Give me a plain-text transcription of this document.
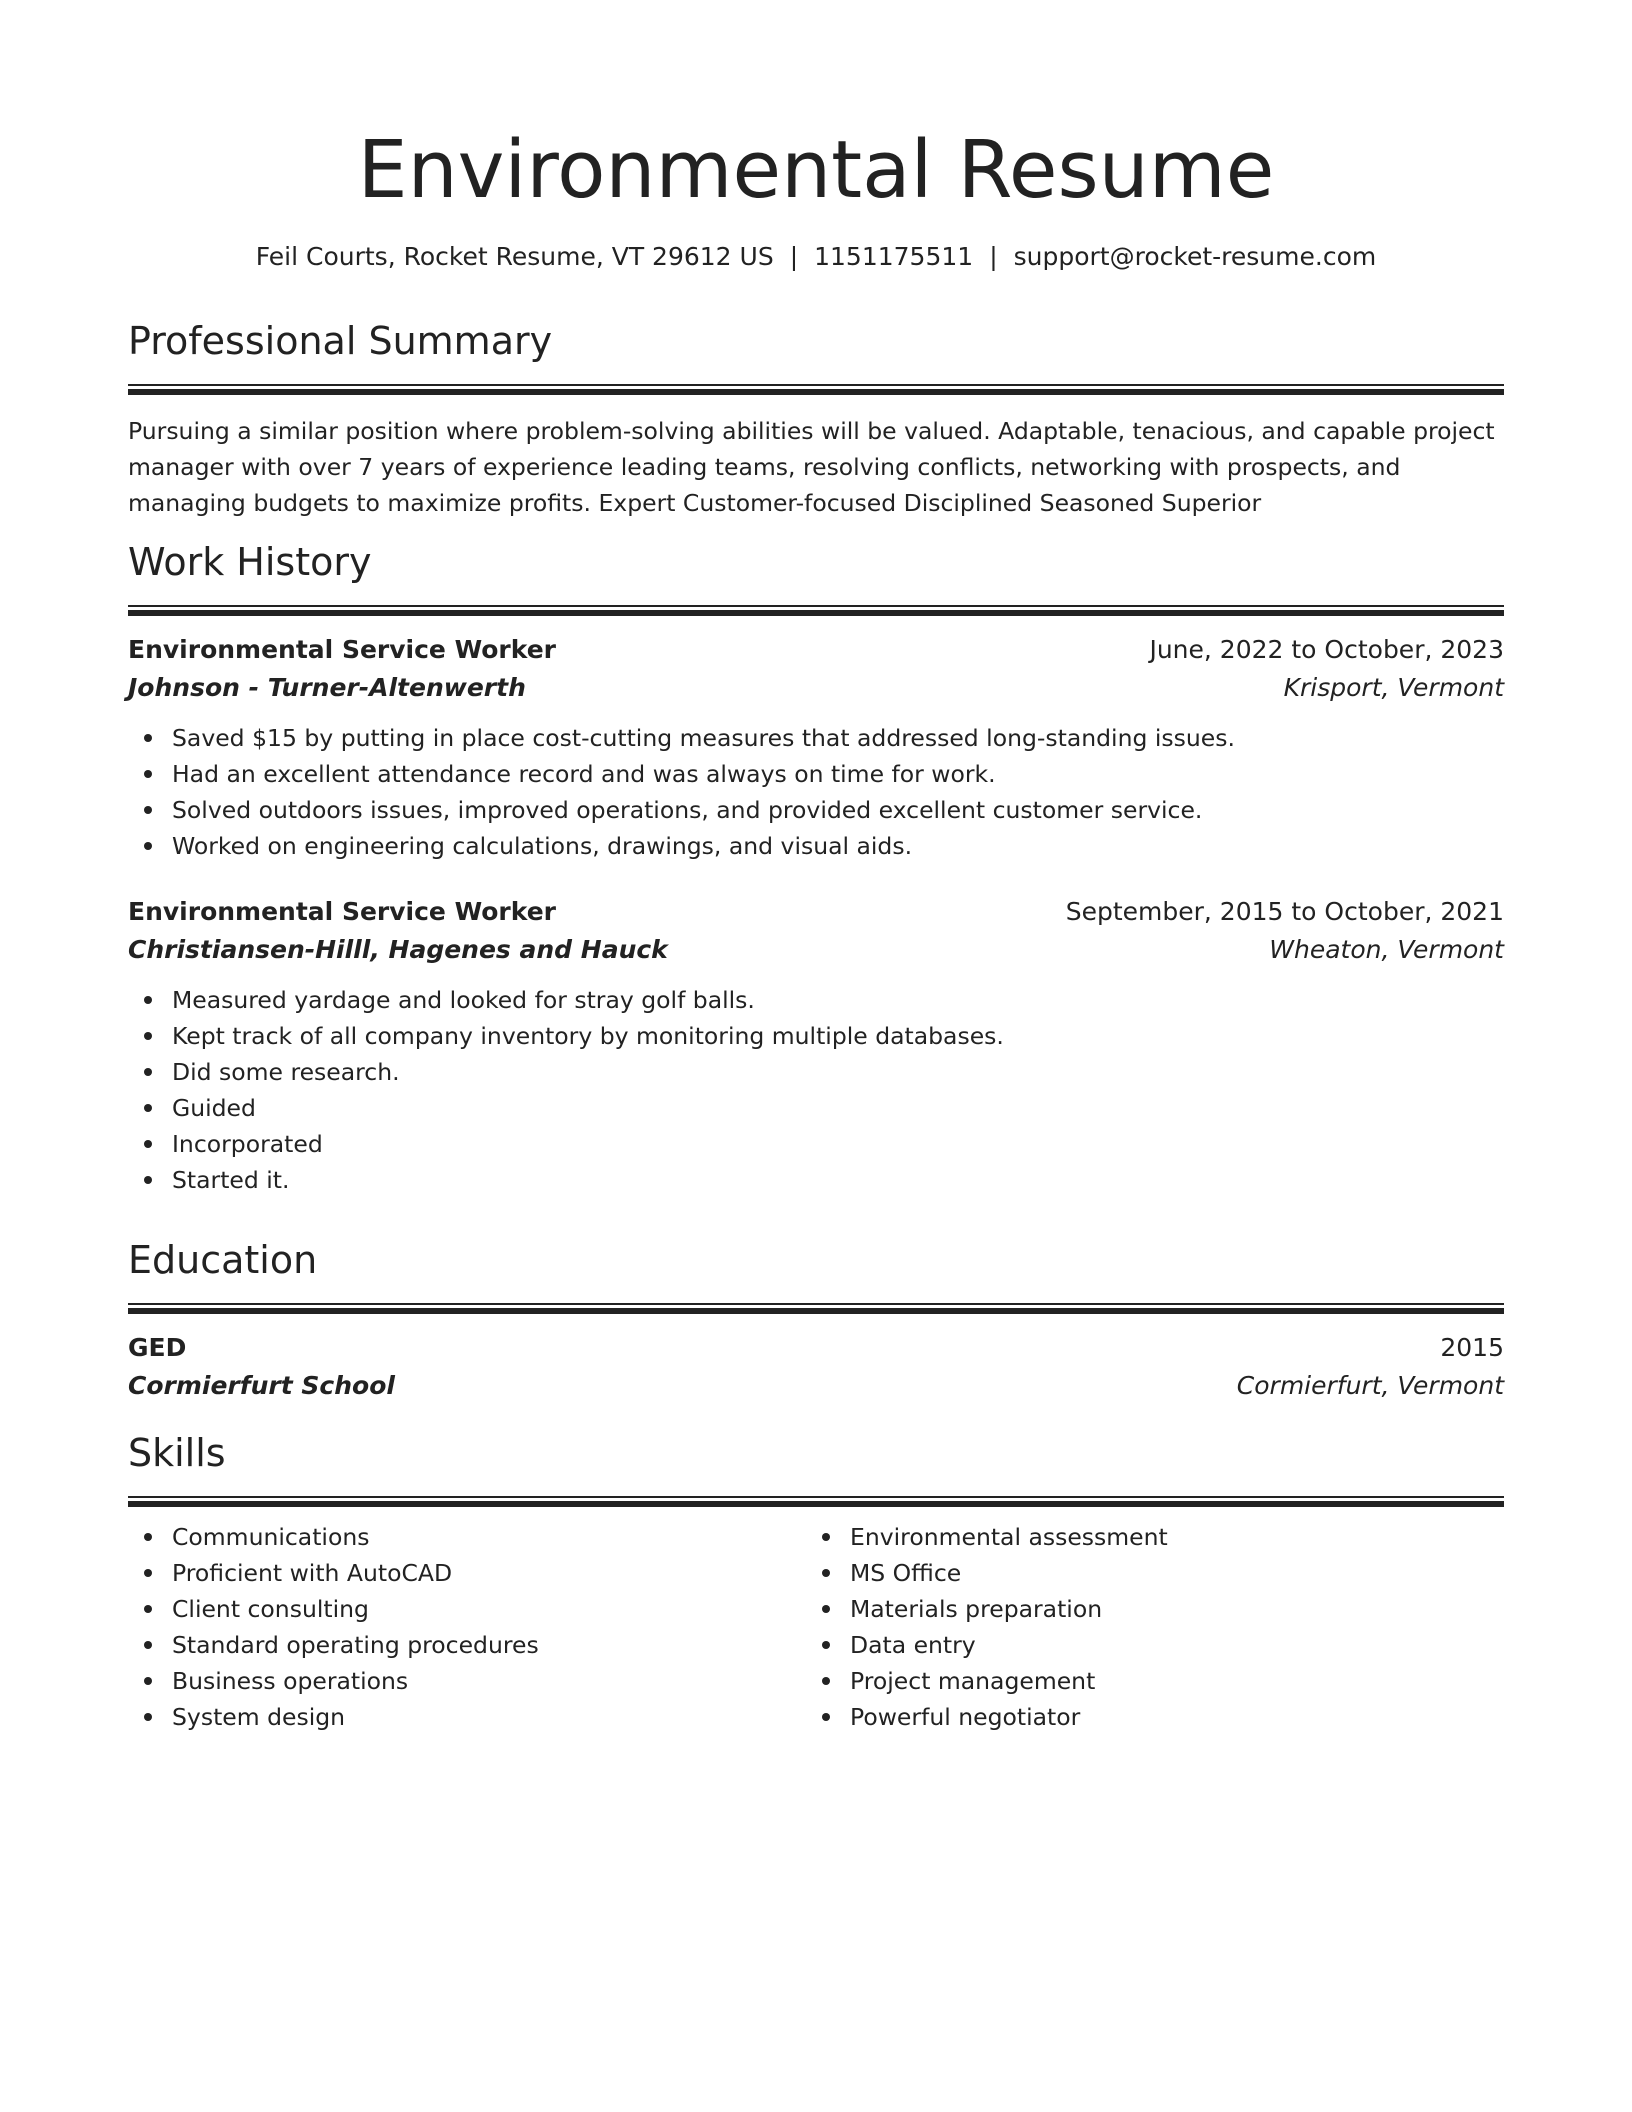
Environmental Resume
Feil Courts, Rocket Resume, VT 29612 US | 1151175511 | support@rocket-resume.com
Professional Summary

Pursuing a similar position where problem-solving abilities will be valued. Adaptable, tenacious, and capable project manager with over 7 years of experience leading teams, resolving conflicts, networking with prospects, and managing budgets to maximize profits. Expert Customer-focused Disciplined Seasoned Superior

Work History
Environmental Service Worker	June, 2022 to October, 2023
Johnson - Turner-Altenwerth	Krisport, Vermont
Saved $15 by putting in place cost-cutting measures that addressed long-standing issues.
Had an excellent attendance record and was always on time for work.
Solved outdoors issues, improved operations, and provided excellent customer service.
Worked on engineering calculations, drawings, and visual aids.
Environmental Service Worker	September, 2015 to October, 2021
Christiansen-Hilll, Hagenes and Hauck	Wheaton, Vermont
Measured yardage and looked for stray golf balls.
Kept track of all company inventory by monitoring multiple databases.
Did some research.
Guided
Incorporated
Started it.
Education
GED	2015
Cormierfurt School	Cormierfurt, Vermont
Skills
Communications
Proficient with AutoCAD
Client consulting
Standard operating procedures
Business operations
System design
Environmental assessment
MS Office
Materials preparation
Data entry
Project management
Powerful negotiator
